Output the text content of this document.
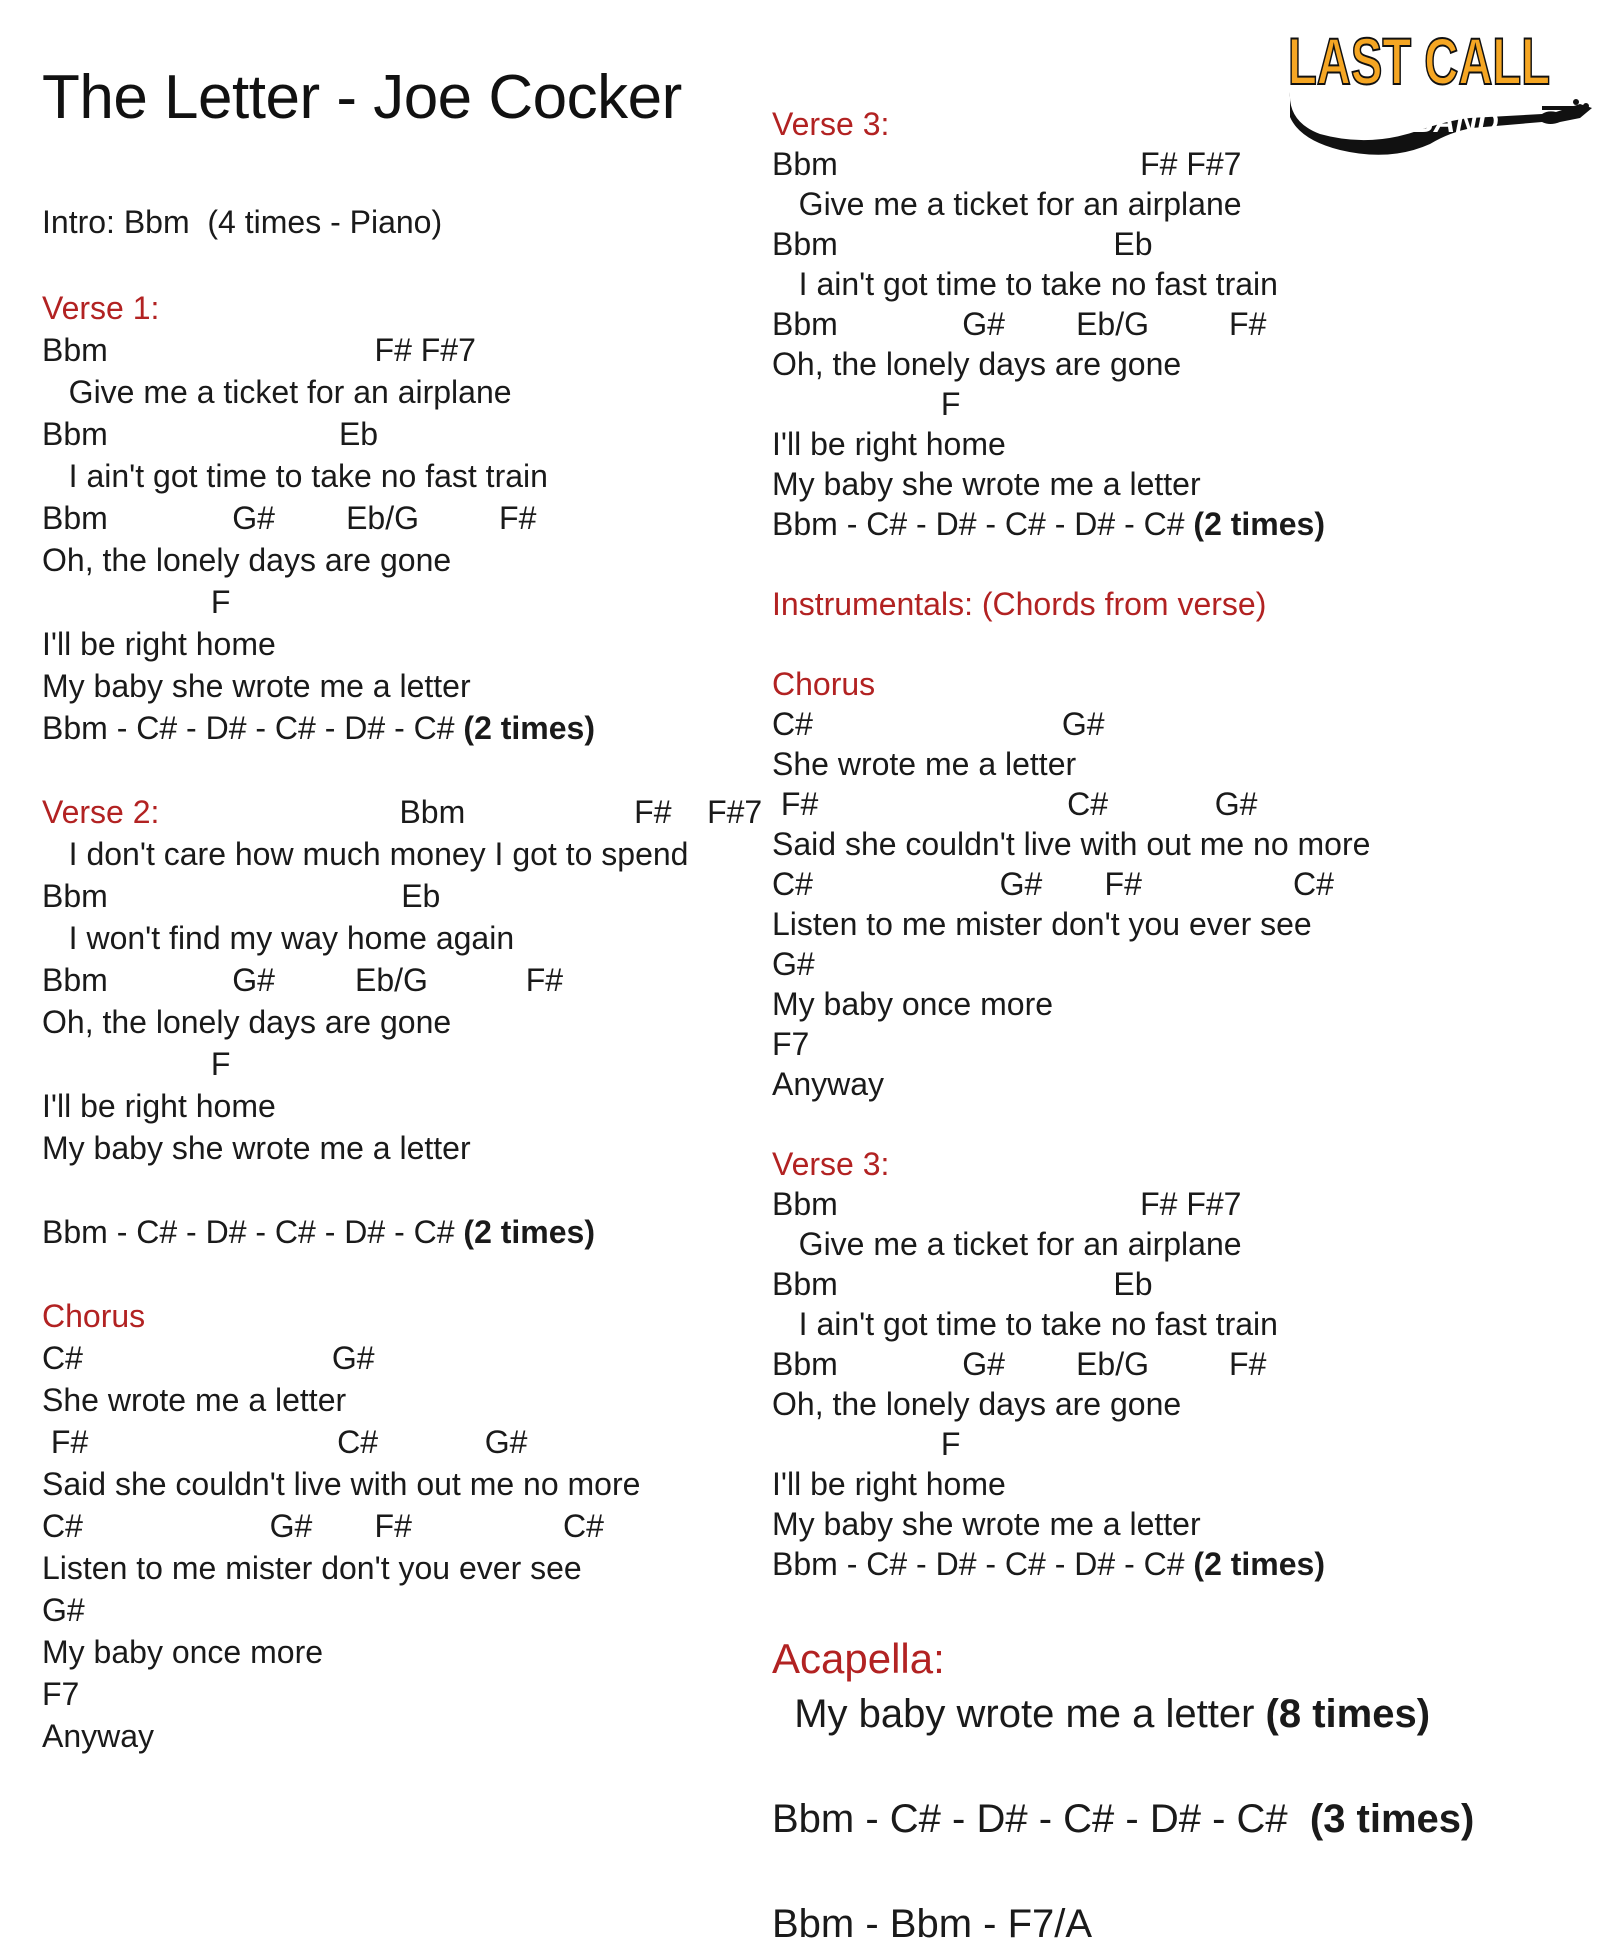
The Letter - Joe Cocker	LAST CALL
BAND
Intro: Bbm  (4 times - Piano)
Verse 1:
Bbm                              F# F#7
Give me a ticket for an airplane
Bbm                          Eb
I ain't got time to take no fast train
Bbm              G#        Eb/G         F#
Oh, the lonely days are gone
F
I'll be right home
My baby she wrote me a letter
Bbm - C# - D# - C# - D# - C# (2 times)
Verse 2:                           Bbm                   F#    F#7
I don't care how much money I got to spend
Bbm                                 Eb
I won't find my way home again
Bbm              G#         Eb/G           F#
Oh, the lonely days are gone
F
I'll be right home
My baby she wrote me a letter
Bbm - C# - D# - C# - D# - C# (2 times)
Chorus
C#                            G#
She wrote me a letter
F#                            C#            G#
Said she couldn't live with out me no more
C#                     G#       F#                 C#
Listen to me mister don't you ever see
G#
My baby once more
F7
Anyway
Verse 3:
Bbm                                  F# F#7
Give me a ticket for an airplane
Bbm                               Eb
I ain't got time to take no fast train
Bbm              G#        Eb/G         F#
Oh, the lonely days are gone
F
I'll be right home
My baby she wrote me a letter
Bbm - C# - D# - C# - D# - C# (2 times)
Instrumentals: (Chords from verse)
Chorus
C#                            G#
She wrote me a letter
F#                            C#            G#
Said she couldn't live with out me no more
C#                     G#       F#                 C#
Listen to me mister don't you ever see
G#
My baby once more
F7
Anyway
Verse 3:
Bbm                                  F# F#7
Give me a ticket for an airplane
Bbm                               Eb
I ain't got time to take no fast train
Bbm              G#        Eb/G         F#
Oh, the lonely days are gone
F
I'll be right home
My baby she wrote me a letter
Bbm - C# - D# - C# - D# - C# (2 times)
Acapella:
My baby wrote me a letter (8 times)
Bbm - C# - D# - C# - D# - C#  (3 times)
Bbm - Bbm - F7/A
